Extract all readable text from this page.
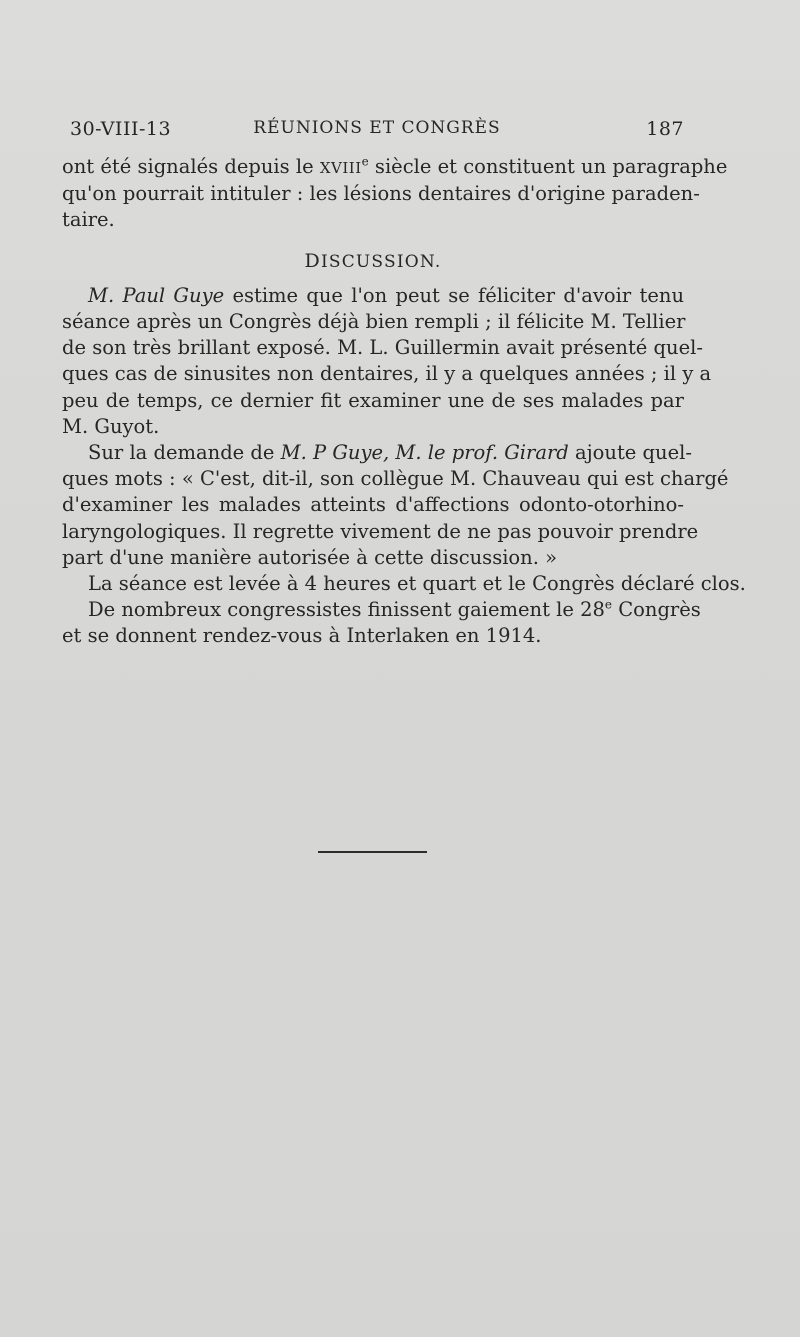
30-VIII-13	RÉUNIONS ET CONGRÈS	187
ont été signalés depuis le XVIIIe siècle et constituent un paragraphe
qu'on pourrait intituler : les lésions dentaires d'origine paraden-
taire.
DISCUSSION.
M. Paul Guye estime que l'on peut se féliciter d'avoir tenu
séance après un Congrès déjà bien rempli ; il félicite M. Tellier
de son très brillant exposé. M. L. Guillermin avait présenté quel-
ques cas de sinusites non dentaires, il y a quelques années ; il y a
peu de temps, ce dernier fit examiner une de ses malades par
M. Guyot.
Sur la demande de M. P Guye, M. le prof. Girard ajoute quel-
ques mots : « C'est, dit-il, son collègue M. Chauveau qui est chargé
d'examiner les malades atteints d'affections odonto-otorhino-
laryngologiques. Il regrette vivement de ne pas pouvoir prendre
part d'une manière autorisée à cette discussion. »
La séance est levée à 4 heures et quart et le Congrès déclaré clos.
De nombreux congressistes finissent gaiement le 28e Congrès
et se donnent rendez-vous à Interlaken en 1914.
